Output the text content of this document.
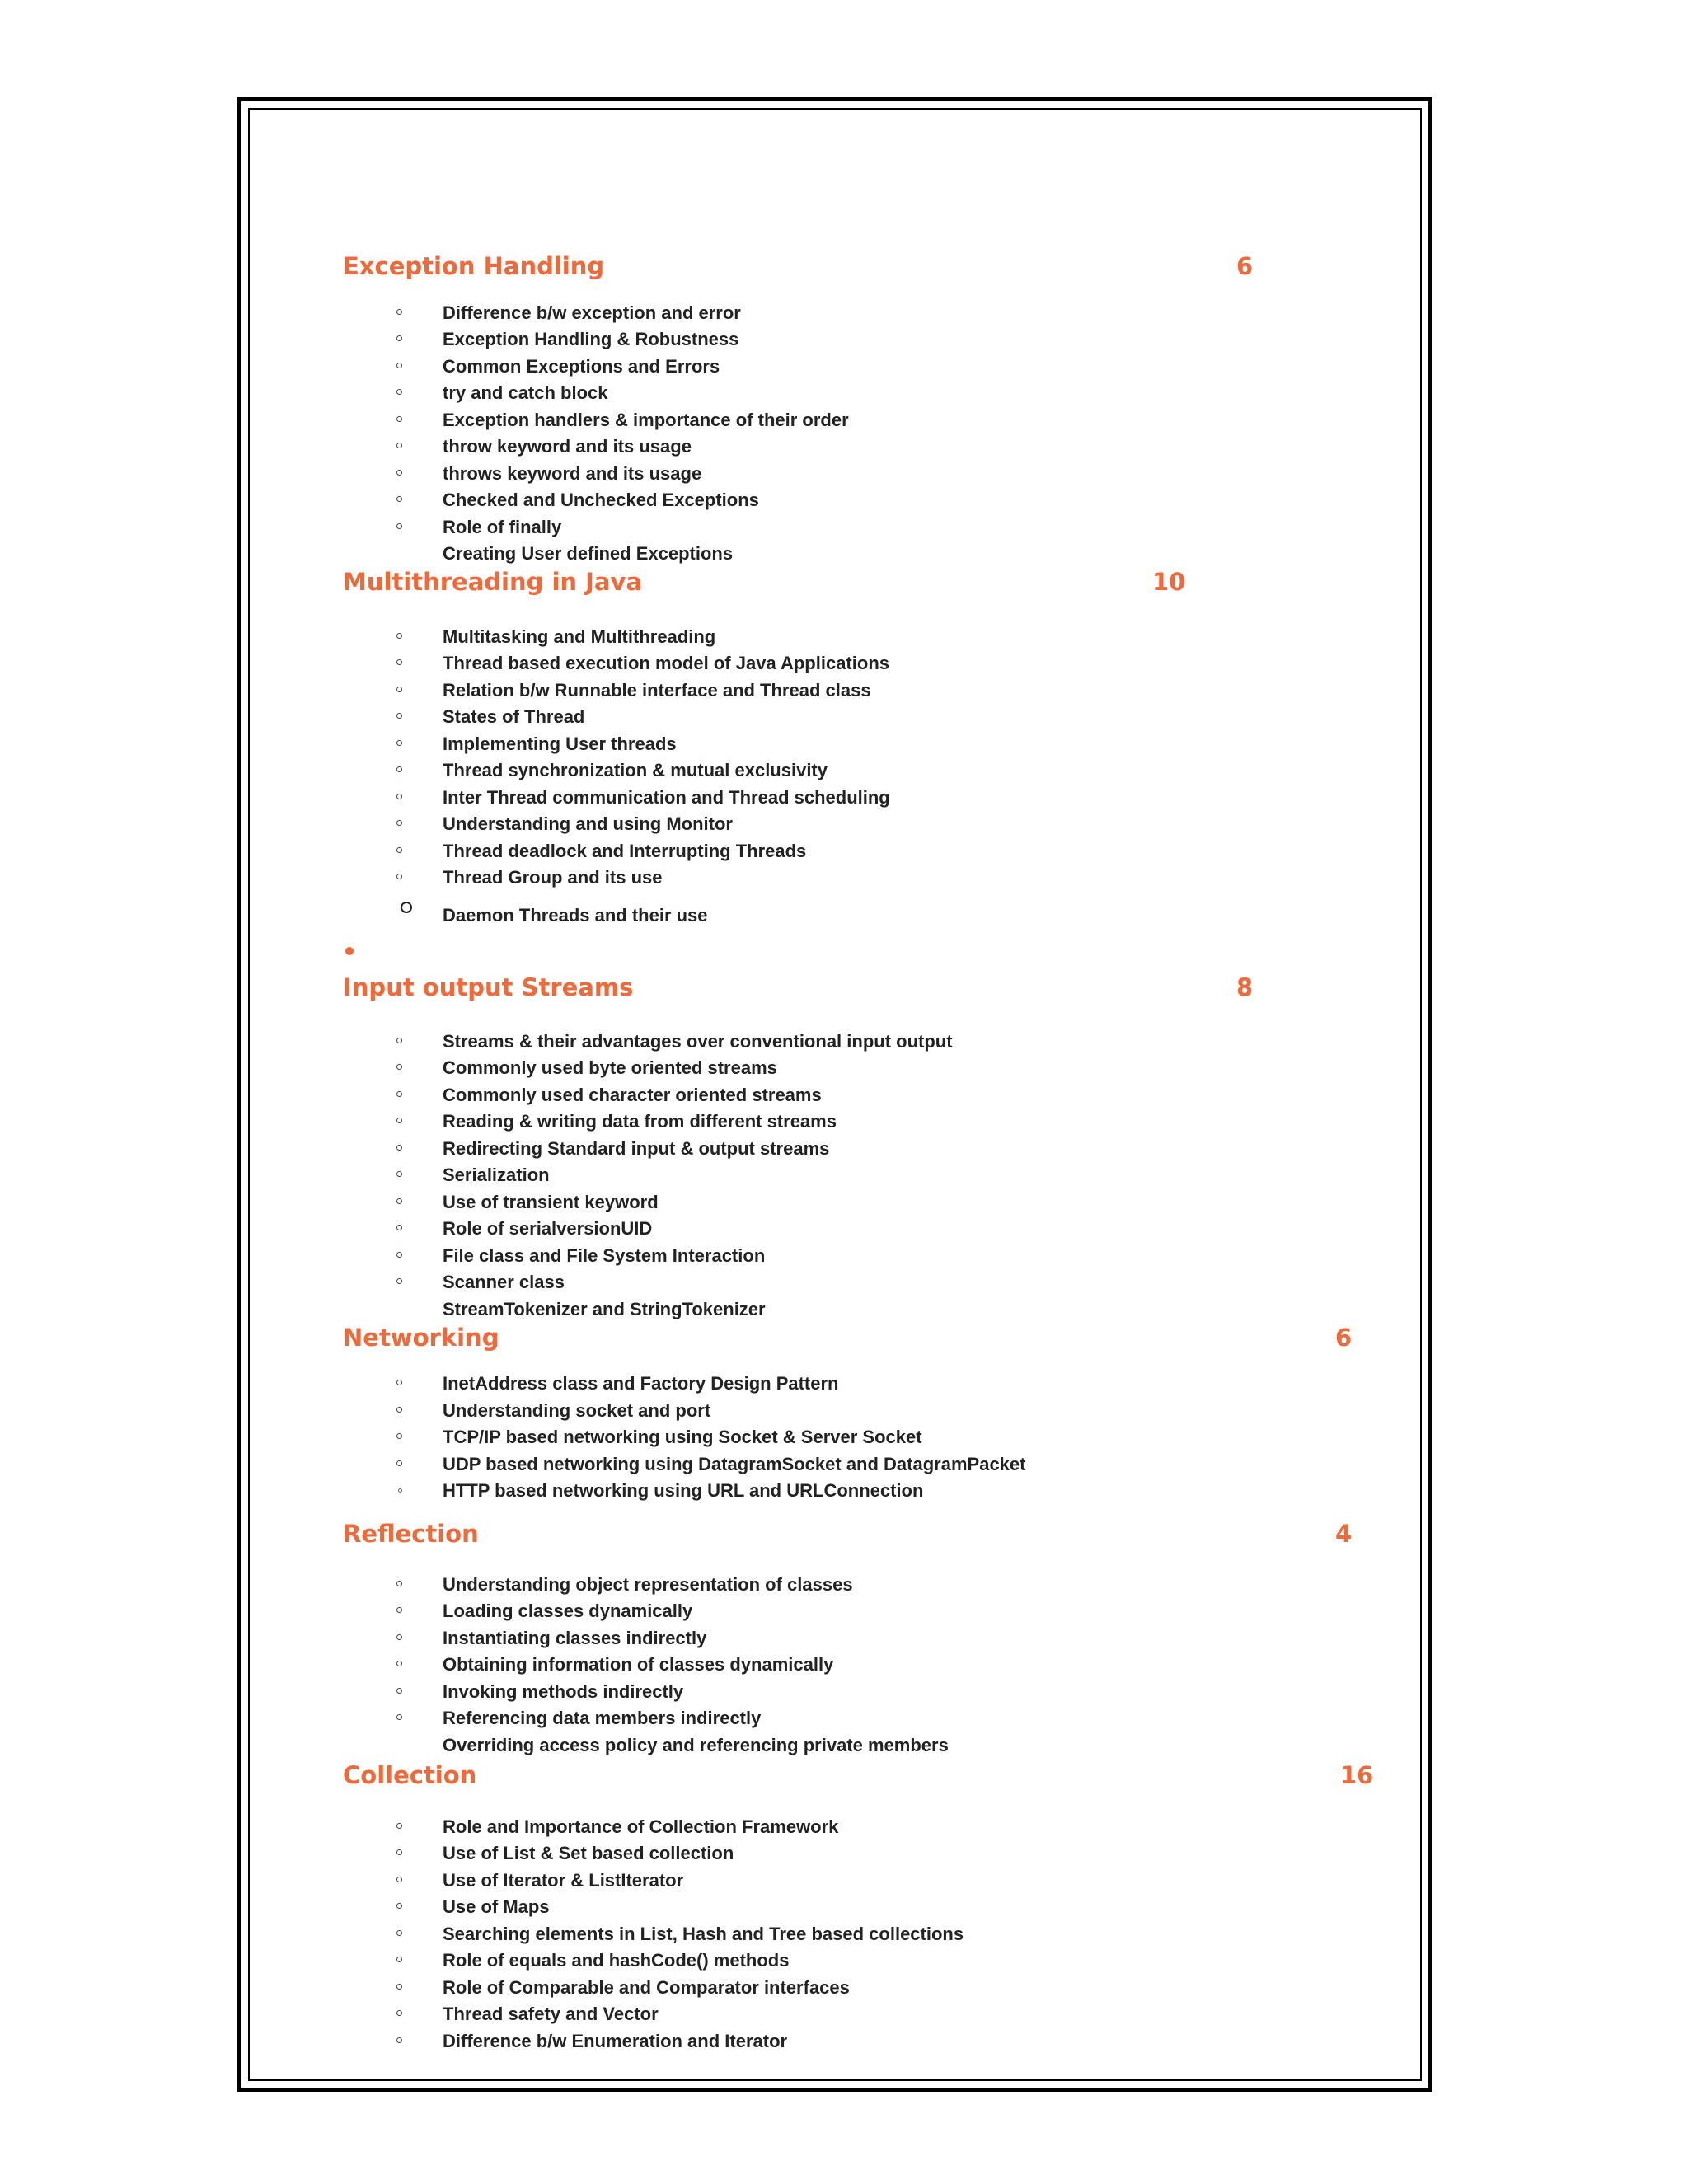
Exception Handling	6
Difference b/w exception and error
Exception Handling & Robustness
Common Exceptions and Errors
try and catch block
Exception handlers & importance of their order
throw keyword and its usage
throws keyword and its usage
Checked and Unchecked Exceptions
Role of finally
Creating User defined Exceptions
Multithreading in Java	10
Multitasking and Multithreading
Thread based execution model of Java Applications
Relation b/w Runnable interface and Thread class
States of Thread
Implementing User threads
Thread synchronization & mutual exclusivity
Inter Thread communication and Thread scheduling
Understanding and using Monitor
Thread deadlock and Interrupting Threads
Thread Group and its use
Daemon Threads and their use
Input output Streams	8
Streams & their advantages over conventional input output
Commonly used byte oriented streams
Commonly used character oriented streams
Reading & writing data from different streams
Redirecting Standard input & output streams
Serialization
Use of transient keyword
Role of serialversionUID
File class and File System Interaction
Scanner class
StreamTokenizer and StringTokenizer
Networking	6
InetAddress class and Factory Design Pattern
Understanding socket and port
TCP/IP based networking using Socket & Server Socket
UDP based networking using DatagramSocket and DatagramPacket
HTTP based networking using URL and URLConnection
Reflection	4
Understanding object representation of classes
Loading classes dynamically
Instantiating classes indirectly
Obtaining information of classes dynamically
Invoking methods indirectly
Referencing data members indirectly
Overriding access policy and referencing private members
Collection	16
Role and Importance of Collection Framework
Use of List & Set based collection
Use of Iterator & ListIterator
Use of Maps
Searching elements in List, Hash and Tree based collections
Role of equals and hashCode() methods
Role of Comparable and Comparator interfaces
Thread safety and Vector
Difference b/w Enumeration and Iterator
